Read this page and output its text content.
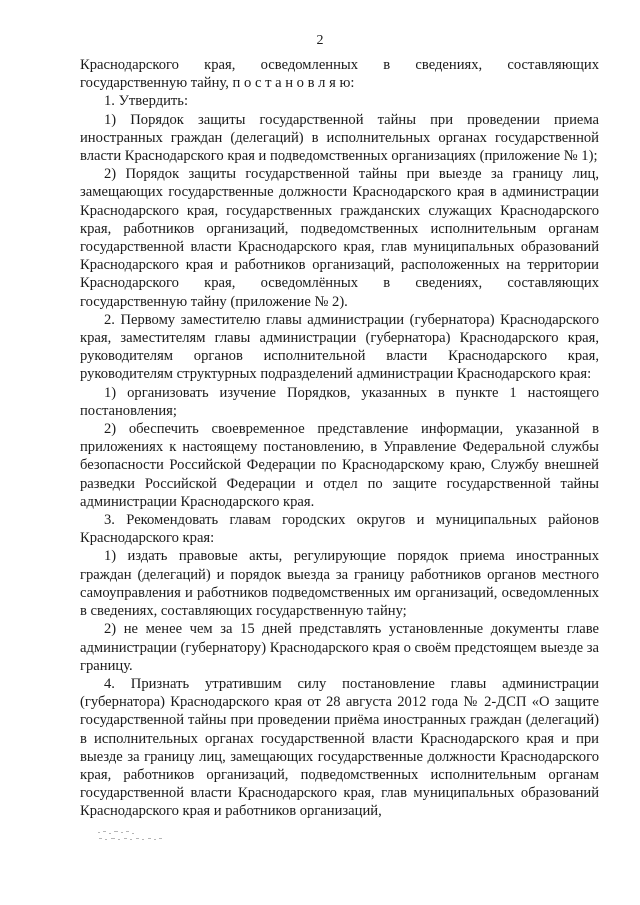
2

Краснодарского края, осведомленных в сведениях, составляющих государственную тайну, п о с т а н о в л я ю:

1. Утвердить:

1) Порядок защиты государственной тайны при проведении приема иностранных граждан (делегаций) в исполнительных органах государственной власти Краснодарского края и подведомственных организациях (приложение № 1);

2) Порядок защиты государственной тайны при выезде за границу лиц, замещающих государственные должности Краснодарского края в администрации Краснодарского края, государственных гражданских служащих Краснодарского края, работников организаций, подведомственных исполнительным органам государственной власти Краснодарского края, глав муниципальных образований Краснодарского края и работников организаций, расположенных на территории Краснодарского края, осведомлённых в сведениях, составляющих государственную тайну (приложение № 2).

2. Первому заместителю главы администрации (губернатора) Краснодарского края, заместителям главы администрации (губернатора) Краснодарского края, руководителям органов исполнительной власти Краснодарского края, руководителям структурных подразделений администрации Краснодарского края:

1) организовать изучение Порядков, указанных в пункте 1 настоящего постановления;

2) обеспечить своевременное представление информации, указанной в приложениях к настоящему постановлению, в Управление Федеральной службы безопасности Российской Федерации по Краснодарскому краю, Службу внешней разведки Российской Федерации и отдел по защите государственной тайны администрации Краснодарского края.

3. Рекомендовать главам городских округов и муниципальных районов Краснодарского края:

1) издать правовые акты, регулирующие порядок приема иностранных граждан (делегаций) и порядок выезда за границу работников органов местного самоуправления и работников подведомственных им организаций, осведомленных в сведениях, составляющих государственную тайну;

2) не менее чем за 15 дней представлять установленные документы главе администрации (губернатору) Краснодарского края о своём предстоящем выезде за границу.

4. Признать утратившим силу постановление главы администрации (губернатора) Краснодарского края от 28 августа 2012 года № 2-ДСП «О защите государственной тайны при проведении приёма иностранных граждан (делегаций) в исполнительных органах государственной власти Краснодарского края и при выезде за границу лиц, замещающих государственные должности Краснодарского края, работников организаций, подведомственных исполнительным органам государственной власти Краснодарского края, глав муниципальных образований Краснодарского края и работников организаций,
